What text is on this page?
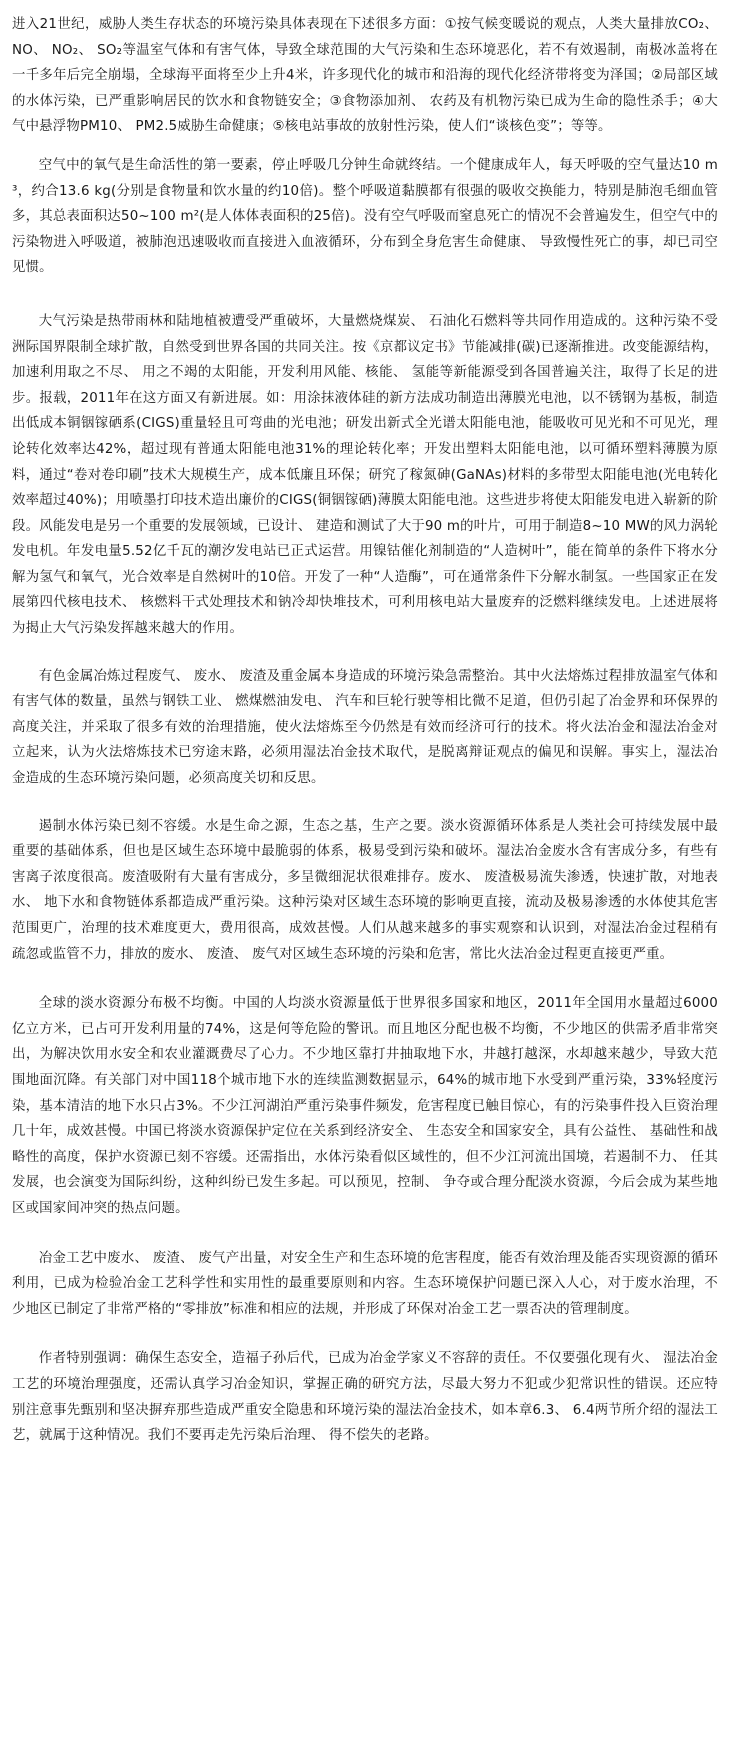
进入21世纪，威胁人类生存状态的环境污染具体表现在下述很多方面：①按气候变暖说的观点，人类大量排放CO₂、 NO、 NO₂、 SO₂等温室气体和有害气体，导致全球范围的大气污染和生态环境恶化，若不有效遏制，南极冰盖将在一千多年后完全崩塌，全球海平面将至少上升4米，许多现代化的城市和沿海的现代化经济带将变为泽国；②局部区域的水体污染，已严重影响居民的饮水和食物链安全；③食物添加剂、 农药及有机物污染已成为生命的隐性杀手；④大气中悬浮物PM10、 PM2.5威胁生命健康；⑤核电站事故的放射性污染，使人们“谈核色变”；等等。

空气中的氧气是生命活性的第一要素，停止呼吸几分钟生命就终结。一个健康成年人，每天呼吸的空气量达10 m³，约合13.6 kg(分别是食物量和饮水量的约10倍)。整个呼吸道黏膜都有很强的吸收交换能力，特别是肺泡毛细血管多，其总表面积达50~100 m²(是人体体表面积的25倍)。没有空气呼吸而窒息死亡的情况不会普遍发生，但空气中的污染物进入呼吸道，被肺泡迅速吸收而直接进入血液循环，分布到全身危害生命健康、 导致慢性死亡的事，却已司空见惯。

大气污染是热带雨林和陆地植被遭受严重破坏，大量燃烧煤炭、 石油化石燃料等共同作用造成的。这种污染不受洲际国界限制全球扩散，自然受到世界各国的共同关注。按《京都议定书》节能减排(碳)已逐渐推进。改变能源结构，加速利用取之不尽、 用之不竭的太阳能，开发利用风能、核能、 氢能等新能源受到各国普遍关注，取得了长足的进步。报载，2011年在这方面又有新进展。如：用涂抹液体硅的新方法成功制造出薄膜光电池，以不锈钢为基板，制造出低成本铜铟镓硒系(CIGS)重量轻且可弯曲的光电池；研发出新式全光谱太阳能电池，能吸收可见光和不可见光，理论转化效率达42%，超过现有普通太阳能电池31%的理论转化率；开发出塑料太阳能电池，以可循环塑料薄膜为原料，通过“卷对卷印刷”技术大规模生产，成本低廉且环保；研究了稼氮砷(GaNAs)材料的多带型太阳能电池(光电转化效率超过40%)；用喷墨打印技术造出廉价的CIGS(铜铟镓硒)薄膜太阳能电池。这些进步将使太阳能发电进入崭新的阶段。风能发电是另一个重要的发展领域，已设计、 建造和测试了大于90 m的叶片，可用于制造8~10 MW的风力涡轮发电机。年发电量5.52亿千瓦的潮汐发电站已正式运营。用镍钴催化剂制造的“人造树叶”，能在简单的条件下将水分解为氢气和氧气，光合效率是自然树叶的10倍。开发了一种“人造酶”，可在通常条件下分解水制氢。一些国家正在发展第四代核电技术、 核燃料干式处理技术和钠冷却快堆技术，可利用核电站大量废弃的泛燃料继续发电。上述进展将为揭止大气污染发挥越来越大的作用。

有色金属冶炼过程废气、 废水、 废渣及重金属本身造成的环境污染急需整治。其中火法熔炼过程排放温室气体和有害气体的数量，虽然与钢铁工业、 燃煤燃油发电、 汽车和巨轮行驶等相比微不足道，但仍引起了冶金界和环保界的高度关注，并采取了很多有效的治理措施，使火法熔炼至今仍然是有效而经济可行的技术。将火法冶金和湿法冶金对立起来，认为火法熔炼技术已穷途末路，必须用湿法冶金技术取代，是脱离辩证观点的偏见和误解。事实上，湿法冶金造成的生态环境污染问题，必须高度关切和反思。

遏制水体污染已刻不容缓。水是生命之源，生态之基，生产之要。淡水资源循环体系是人类社会可持续发展中最重要的基础体系，但也是区域生态环境中最脆弱的体系，极易受到污染和破坏。湿法冶金废水含有害成分多，有些有害离子浓度很高。废渣吸附有大量有害成分，多呈微细泥状很难排存。废水、 废渣极易流失渗透，快速扩散，对地表水、 地下水和食物链体系都造成严重污染。这种污染对区域生态环境的影响更直接，流动及极易渗透的水体使其危害范围更广，治理的技术难度更大，费用很高，成效甚慢。人们从越来越多的事实观察和认识到，对湿法冶金过程稍有疏忽或监管不力，排放的废水、 废渣、 废气对区域生态环境的污染和危害，常比火法冶金过程更直接更严重。

全球的淡水资源分布极不均衡。中国的人均淡水资源量低于世界很多国家和地区，2011年全国用水量超过6000亿立方米，已占可开发利用量的74%，这是何等危险的警讯。而且地区分配也极不均衡，不少地区的供需矛盾非常突出，为解决饮用水安全和农业灌溉费尽了心力。不少地区靠打井抽取地下水，井越打越深，水却越来越少，导致大范围地面沉降。有关部门对中国118个城市地下水的连续监测数据显示，64%的城市地下水受到严重污染，33%轻度污染，基本清洁的地下水只占3%。不少江河湖泊严重污染事件频发，危害程度已触目惊心，有的污染事件投入巨资治理几十年，成效甚慢。中国已将淡水资源保护定位在关系到经济安全、 生态安全和国家安全，具有公益性、 基础性和战略性的高度，保护水资源已刻不容缓。还需指出，水体污染看似区域性的，但不少江河流出国境，若遏制不力、 任其发展，也会演变为国际纠纷，这种纠纷已发生多起。可以预见，控制、 争夺或合理分配淡水资源，今后会成为某些地区或国家间冲突的热点问题。

冶金工艺中废水、 废渣、 废气产出量，对安全生产和生态环境的危害程度，能否有效治理及能否实现资源的循环利用，已成为检验冶金工艺科学性和实用性的最重要原则和内容。生态环境保护问题已深入人心，对于废水治理，不少地区已制定了非常严格的“零排放”标准和相应的法规，并形成了环保对冶金工艺一票否决的管理制度。

作者特别强调：确保生态安全，造福子孙后代，已成为冶金学家义不容辞的责任。不仅要强化现有火、 湿法冶金工艺的环境治理强度，还需认真学习冶金知识，掌握正确的研究方法，尽最大努力不犯或少犯常识性的错误。还应特别注意事先甄别和坚决摒弃那些造成严重安全隐患和环境污染的湿法冶金技术，如本章6.3、 6.4两节所介绍的湿法工艺，就属于这种情况。我们不要再走先污染后治理、 得不偿失的老路。
